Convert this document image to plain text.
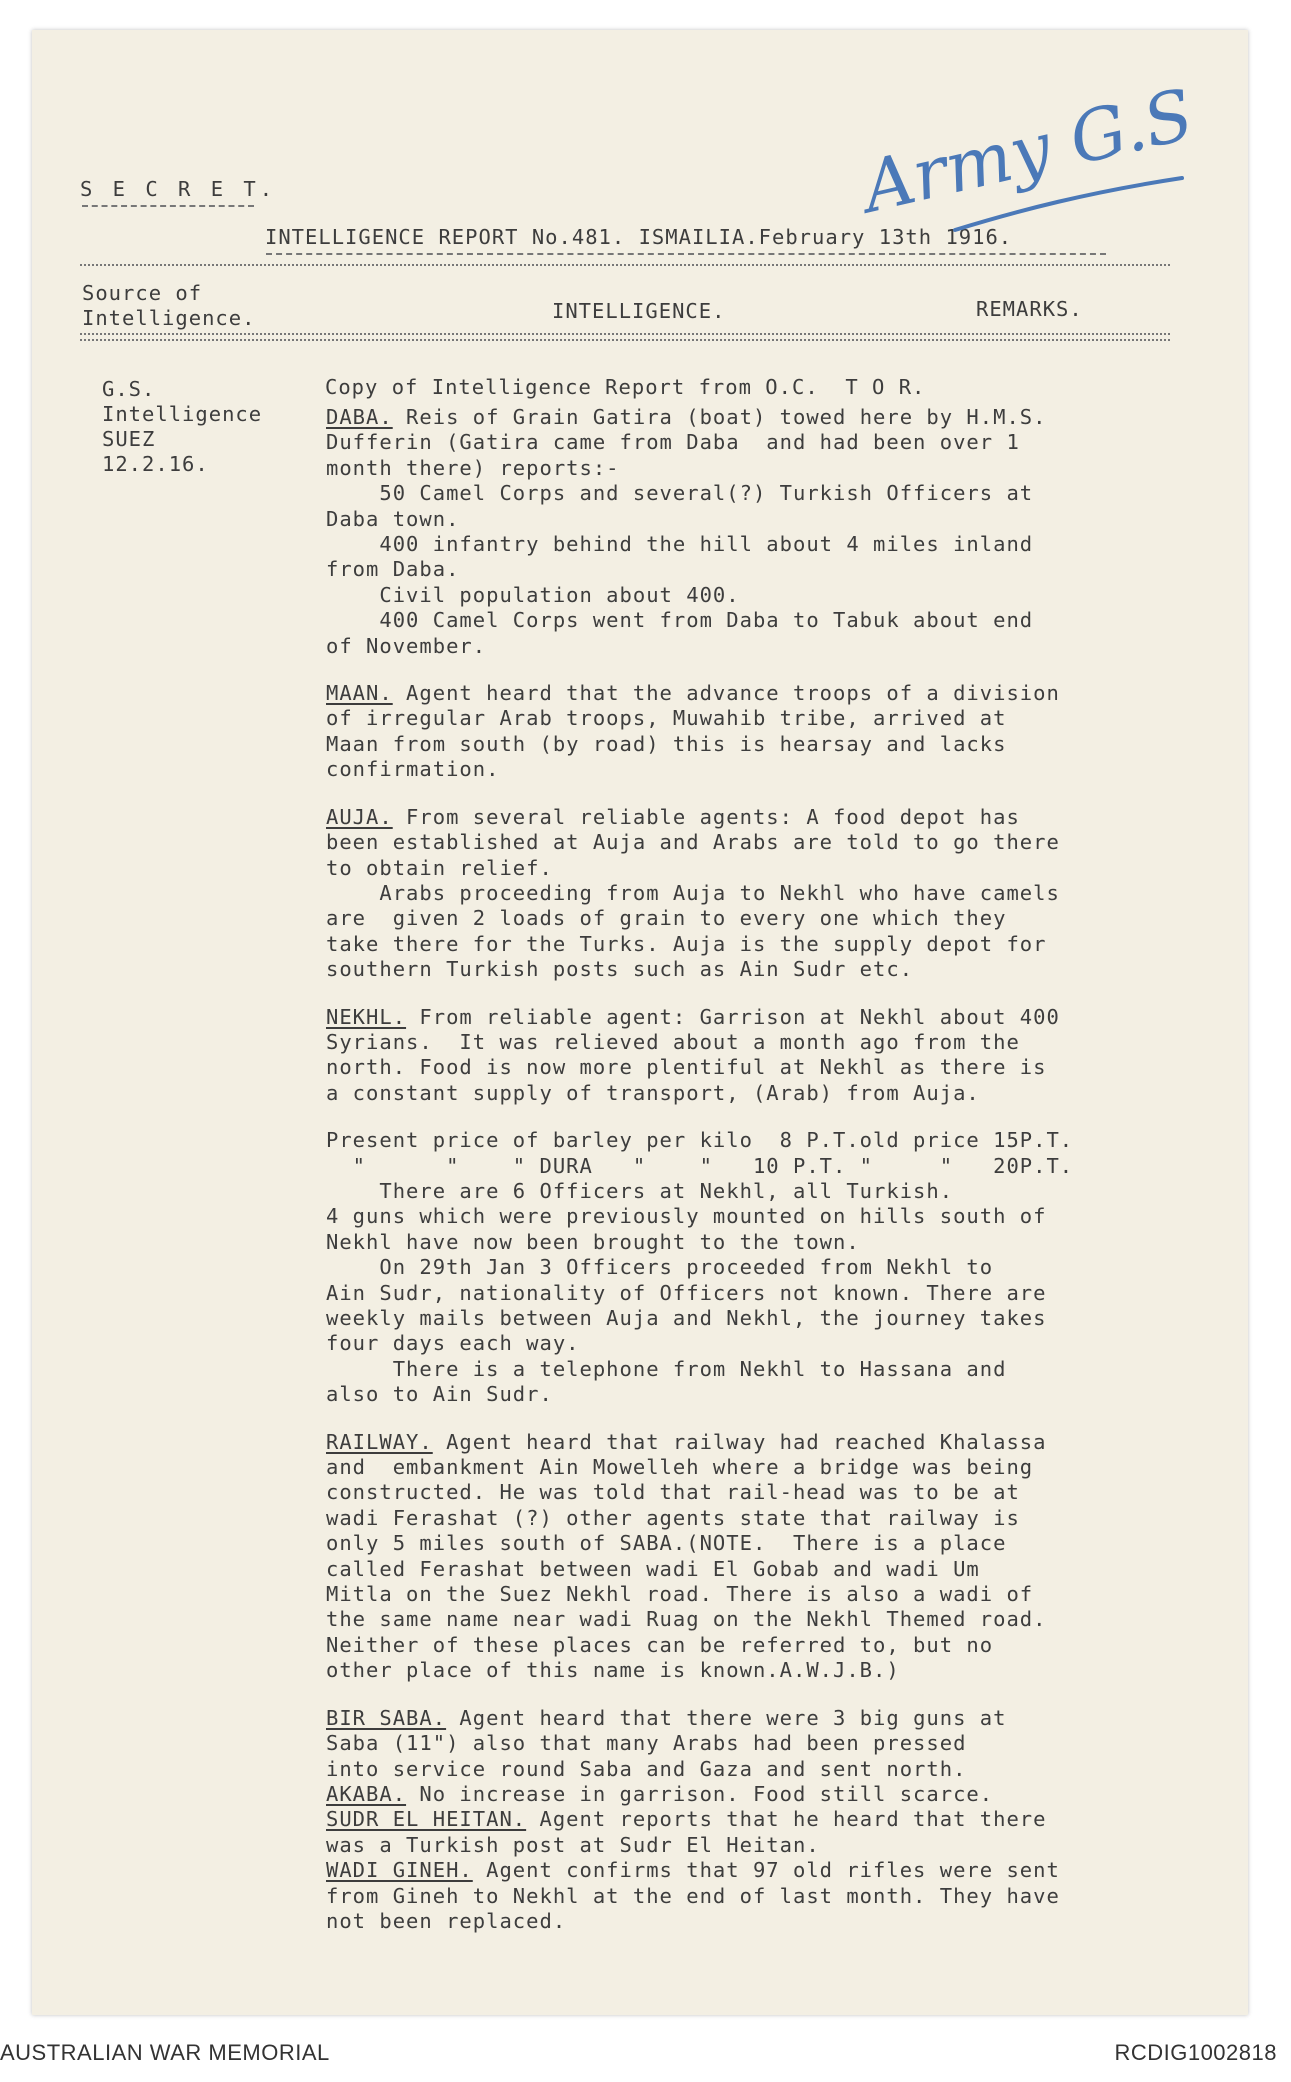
S E C R E T.
INTELLIGENCE REPORT No.481. ISMAILIA.February 13th 1916.
Source of
Intelligence.	INTELLIGENCE.	REMARKS.
Army G.S
G.S.
Intelligence
SUEZ
12.2.16.
Copy of Intelligence Report from O.C.  T O R.
DABA. Reis of Grain Gatira (boat) towed here by H.M.S.
Dufferin (Gatira came from Daba  and had been over 1
month there) reports:-
50 Camel Corps and several(?) Turkish Officers at
Daba town.
400 infantry behind the hill about 4 miles inland
from Daba.
Civil population about 400.
400 Camel Corps went from Daba to Tabuk about end
of November.
MAAN. Agent heard that the advance troops of a division
of irregular Arab troops, Muwahib tribe, arrived at
Maan from south (by road) this is hearsay and lacks
confirmation.
AUJA. From several reliable agents: A food depot has
been established at Auja and Arabs are told to go there
to obtain relief.
Arabs proceeding from Auja to Nekhl who have camels
are  given 2 loads of grain to every one which they
take there for the Turks. Auja is the supply depot for
southern Turkish posts such as Ain Sudr etc.
NEKHL. From reliable agent: Garrison at Nekhl about 400
Syrians.  It was relieved about a month ago from the
north. Food is now more plentiful at Nekhl as there is
a constant supply of transport, (Arab) from Auja.
Present price of barley per kilo  8 P.T.old price 15P.T.
"      "    " DURA   "    "   10 P.T. "     "   20P.T.
There are 6 Officers at Nekhl, all Turkish.
4 guns which were previously mounted on hills south of
Nekhl have now been brought to the town.
On 29th Jan 3 Officers proceeded from Nekhl to
Ain Sudr, nationality of Officers not known. There are
weekly mails between Auja and Nekhl, the journey takes
four days each way.
There is a telephone from Nekhl to Hassana and
also to Ain Sudr.
RAILWAY. Agent heard that railway had reached Khalassa
and  embankment Ain Mowelleh where a bridge was being
constructed. He was told that rail-head was to be at
wadi Ferashat (?) other agents state that railway is
only 5 miles south of SABA.(NOTE.  There is a place
called Ferashat between wadi El Gobab and wadi Um
Mitla on the Suez Nekhl road. There is also a wadi of
the same name near wadi Ruag on the Nekhl Themed road.
Neither of these places can be referred to, but no
other place of this name is known.A.W.J.B.)
BIR SABA. Agent heard that there were 3 big guns at
Saba (11") also that many Arabs had been pressed
into service round Saba and Gaza and sent north.
AKABA. No increase in garrison. Food still scarce.
SUDR EL HEITAN. Agent reports that he heard that there
was a Turkish post at Sudr El Heitan.
WADI GINEH. Agent confirms that 97 old rifles were sent
from Gineh to Nekhl at the end of last month. They have
not been replaced.
AUSTRALIAN WAR MEMORIAL	RCDIG1002818
